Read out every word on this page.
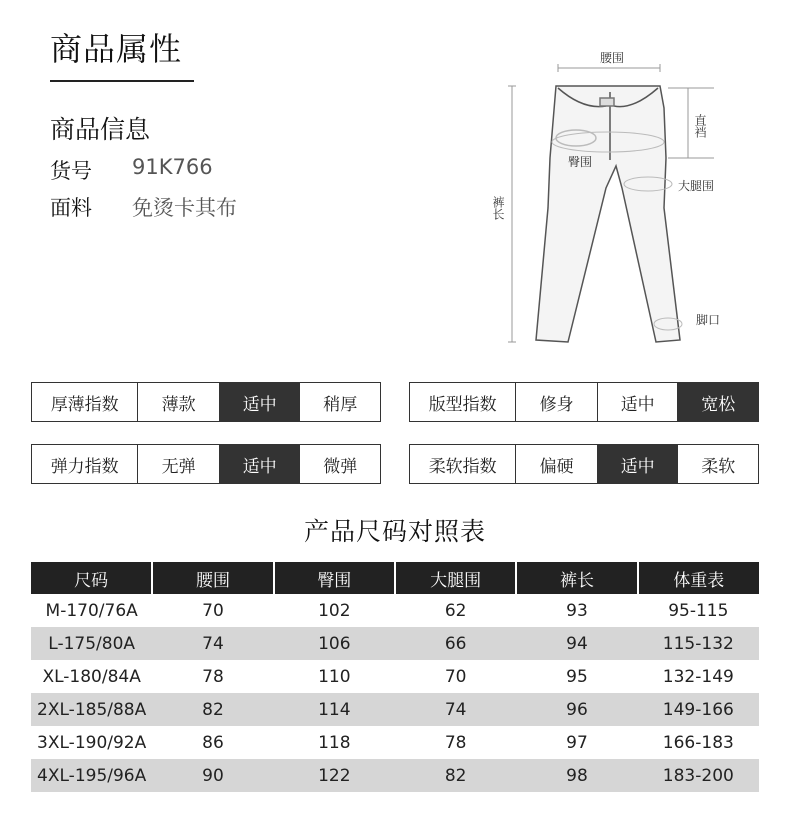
商品属性
商品信息
货号	91K766
面料	免烫卡其布
腰围
直裆
臀围
大腿围
裤长
脚口
厚薄指数	薄款	适中	稍厚	版型指数	修身	适中	宽松
弹力指数	无弹	适中	微弹	柔软指数	偏硬	适中	柔软
产品尺码对照表
尺码	腰围	臀围	大腿围	裤长	体重表
M-170/76A	70	102	62	93	95-115
L-175/80A	74	106	66	94	115-132
XL-180/84A	78	110	70	95	132-149
2XL-185/88A	82	114	74	96	149-166
3XL-190/92A	86	118	78	97	166-183
4XL-195/96A	90	122	82	98	183-200
